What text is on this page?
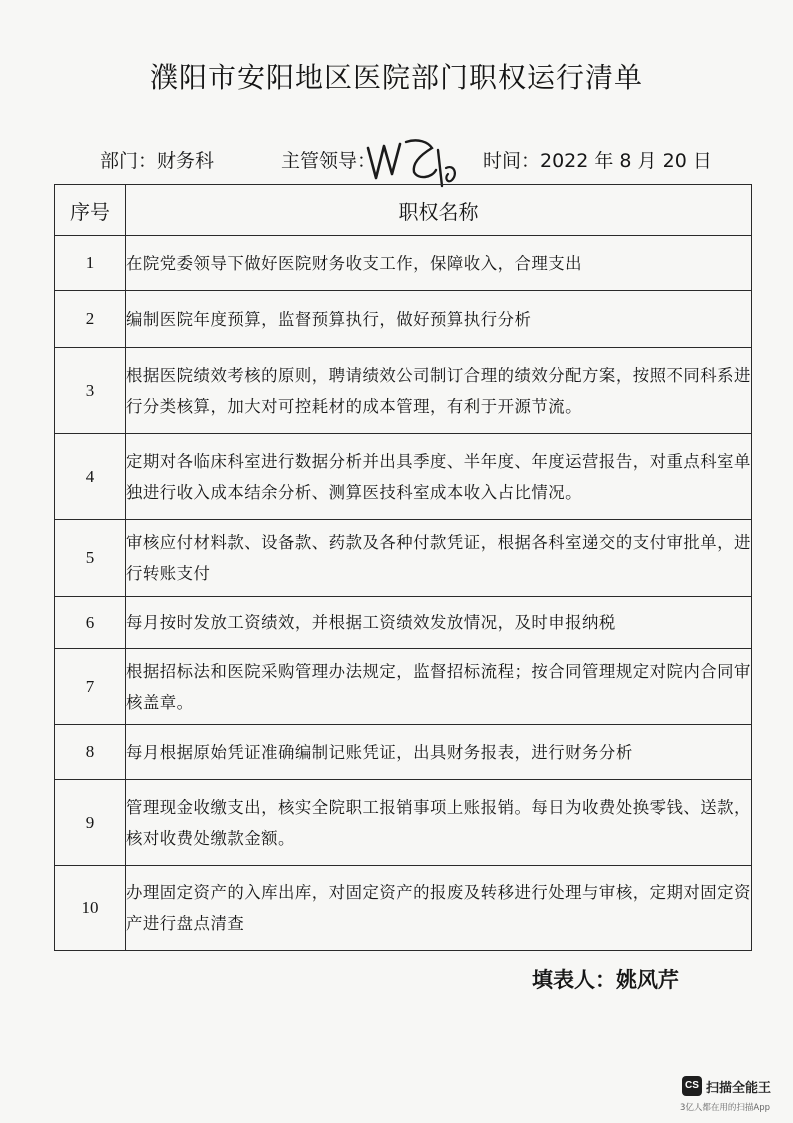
濮阳市安阳地区医院部门职权运行清单
部门：财务科	主管领导：	时间：2022 年 8 月 20 日
序号	职权名称
1	在院党委领导下做好医院财务收支工作，保障收入，合理支出
2	编制医院年度预算，监督预算执行，做好预算执行分析
3	根据医院绩效考核的原则，聘请绩效公司制订合理的绩效分配方案，按照不同科系进行分类核算，加大对可控耗材的成本管理，有利于开源节流。
4	定期对各临床科室进行数据分析并出具季度、半年度、年度运营报告，对重点科室单独进行收入成本结余分析、测算医技科室成本收入占比情况。
5	审核应付材料款、设备款、药款及各种付款凭证，根据各科室递交的支付审批单，进行转账支付
6	每月按时发放工资绩效，并根据工资绩效发放情况，及时申报纳税
7	根据招标法和医院采购管理办法规定，监督招标流程；按合同管理规定对院内合同审核盖章。
8	每月根据原始凭证准确编制记账凭证，出具财务报表，进行财务分析
9	管理现金收缴支出，核实全院职工报销事项上账报销。每日为收费处换零钱、送款，核对收费处缴款金额。
10	办理固定资产的入库出库，对固定资产的报废及转移进行处理与审核，定期对固定资产进行盘点清查
填表人：姚风芹
CS 扫描全能王
3亿人都在用的扫描App
